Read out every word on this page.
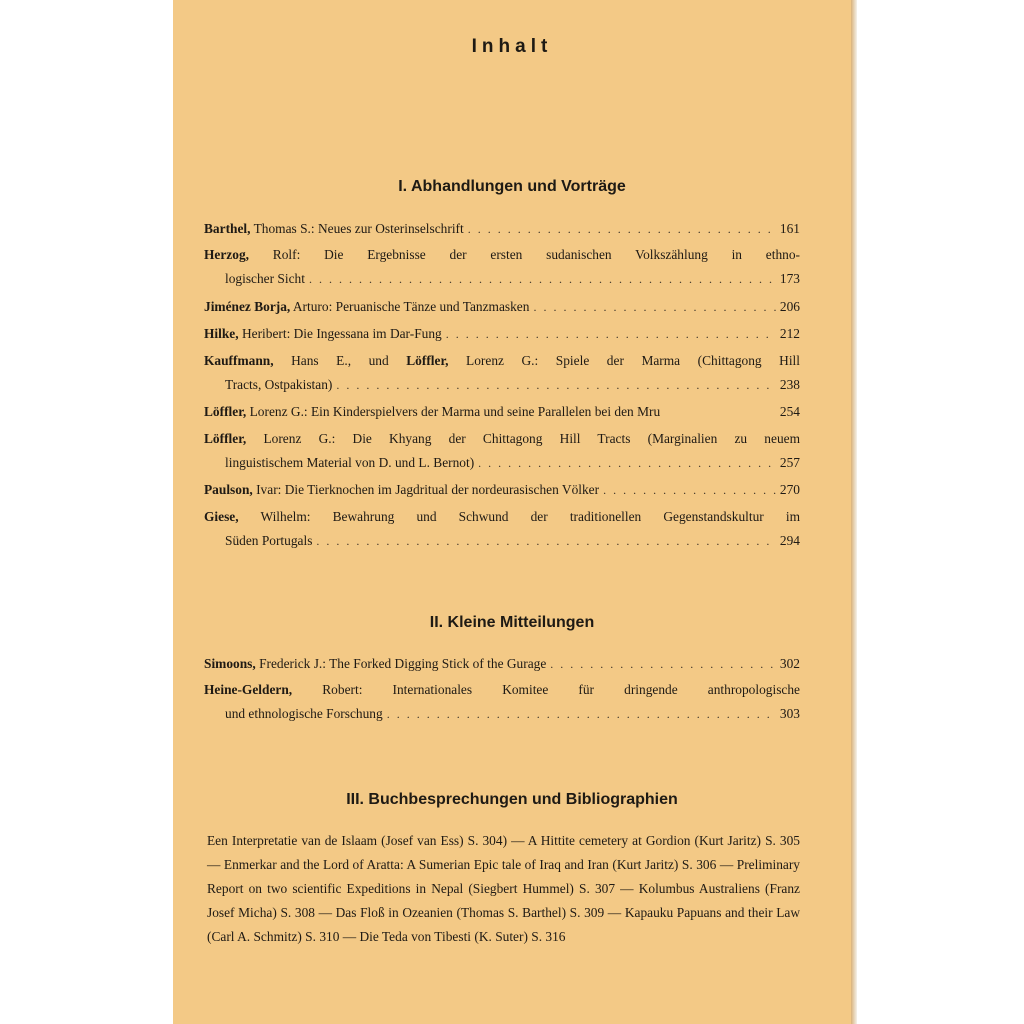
Inhalt
I. Abhandlungen und Vorträge
Barthel, Thomas S.: Neues zur Osterinselschrift . . .	161
Herzog, Rolf: Die Ergebnisse der ersten sudanischen Volkszählung in ethno-
logischer Sicht . . .	173
Jiménez Borja, Arturo: Peruanische Tänze und Tanzmasken . . .	206
Hilke, Heribert: Die Ingessana im Dar-Fung . . .	212
Kauffmann, Hans E., und Löffler, Lorenz G.: Spiele der Marma (Chittagong Hill
Tracts, Ostpakistan) . . .	238
Löffler, Lorenz G.: Ein Kinderspielvers der Marma und seine Parallelen bei den Mru	254
Löffler, Lorenz G.: Die Khyang der Chittagong Hill Tracts (Marginalien zu neuem
linguistischem Material von D. und L. Bernot) . . .	257
Paulson, Ivar: Die Tierknochen im Jagdritual der nordeurasischen Völker . . .	270
Giese, Wilhelm: Bewahrung und Schwund der traditionellen Gegenstandskultur im
Süden Portugals . . .	294
II. Kleine Mitteilungen
Simoons, Frederick J.: The Forked Digging Stick of the Gurage . . .	302
Heine-Geldern, Robert: Internationales Komitee für dringende anthropologische
und ethnologische Forschung . . .	303
III. Buchbesprechungen und Bibliographien
Een Interpretatie van de Islaam (Josef van Ess) S. 304) — A Hittite cemetery at Gordion (Kurt Jaritz) S. 305 — Enmerkar and the Lord of Aratta: A Sumerian Epic tale of Iraq and Iran (Kurt Jaritz) S. 306 — Preliminary Report on two scientific Expeditions in Nepal (Siegbert Hummel) S. 307 — Kolumbus Australiens (Franz Josef Micha) S. 308 — Das Floß in Ozeanien (Thomas S. Barthel) S. 309 — Kapauku Papuans and their Law (Carl A. Schmitz) S. 310 — Die Teda von Tibesti (K. Suter) S. 316
